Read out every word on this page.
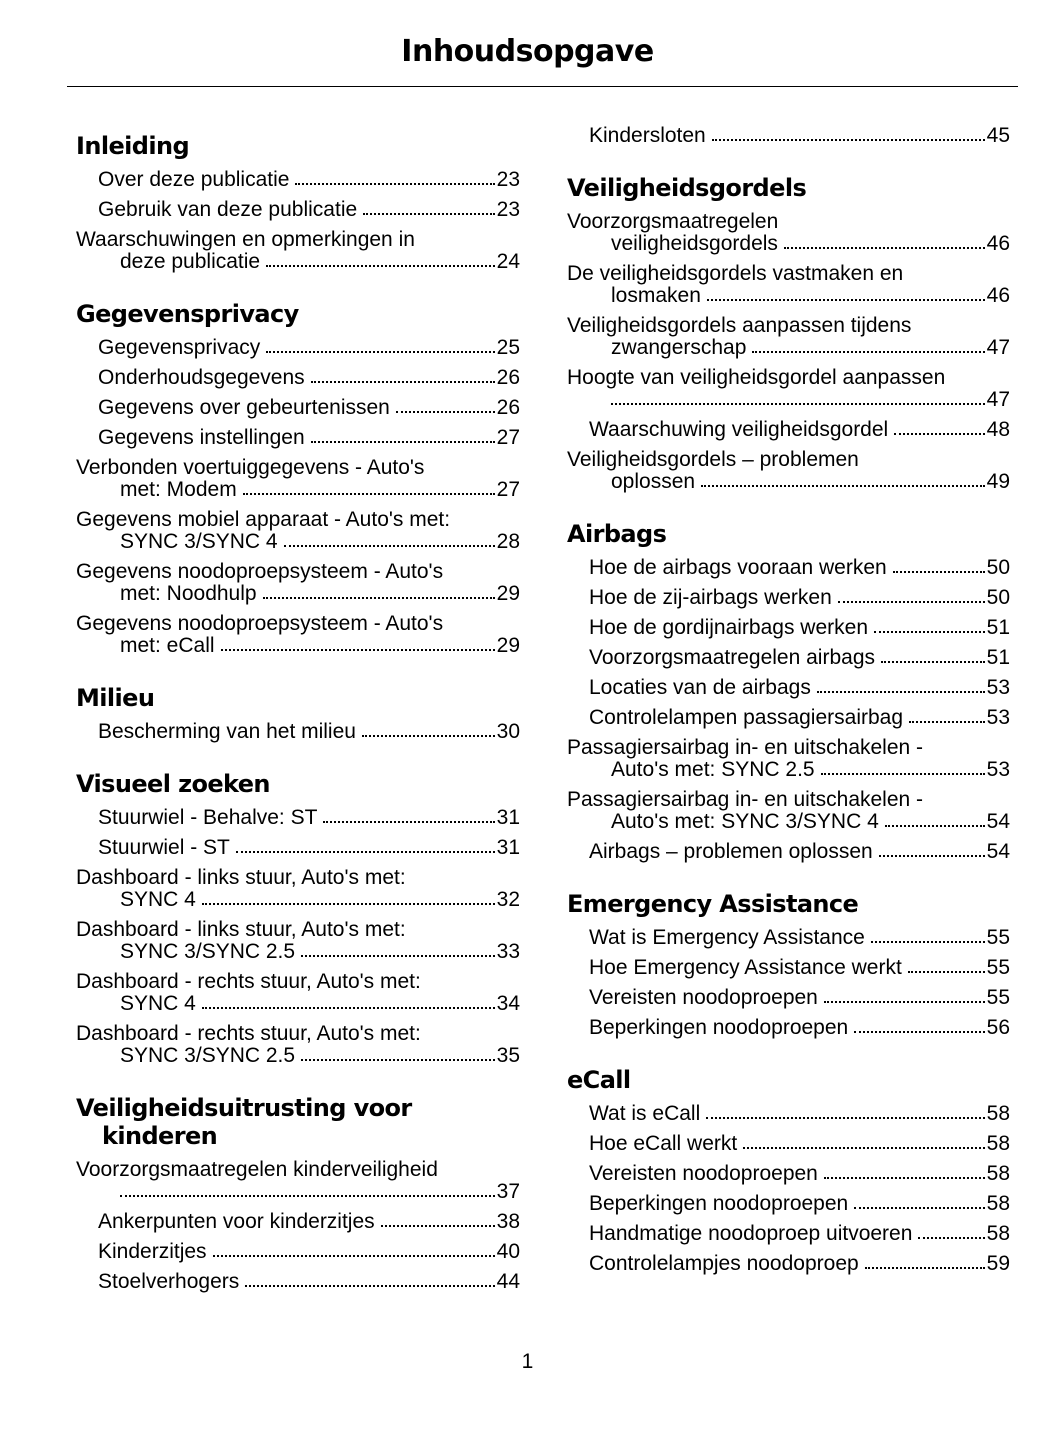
Inhoudsopgave
Inleiding
Over deze publicatie	23
Gebruik van deze publicatie	23
Waarschuwingen en opmerkingen in
deze publicatie	24
Gegevensprivacy
Gegevensprivacy	25
Onderhoudsgegevens	26
Gegevens over gebeurtenissen	26
Gegevens instellingen	27
Verbonden voertuiggegevens - Auto's
met: Modem	27
Gegevens mobiel apparaat - Auto's met:
SYNC 3/SYNC 4	28
Gegevens noodoproepsysteem - Auto's
met: Noodhulp	29
Gegevens noodoproepsysteem - Auto's
met: eCall	29
Milieu
Bescherming van het milieu	30
Visueel zoeken
Stuurwiel - Behalve: ST	31
Stuurwiel - ST	31
Dashboard - links stuur, Auto's met:
SYNC 4	32
Dashboard - links stuur, Auto's met:
SYNC 3/SYNC 2.5	33
Dashboard - rechts stuur, Auto's met:
SYNC 4	34
Dashboard - rechts stuur, Auto's met:
SYNC 3/SYNC 2.5	35
Veiligheidsuitrusting voor kinderen
Voorzorgsmaatregelen kinderveiligheid
37
Ankerpunten voor kinderzitjes	38
Kinderzitjes	40
Stoelverhogers	44
Kindersloten	45
Veiligheidsgordels
Voorzorgsmaatregelen
veiligheidsgordels	46
De veiligheidsgordels vastmaken en
losmaken	46
Veiligheidsgordels aanpassen tijdens
zwangerschap	47
Hoogte van veiligheidsgordel aanpassen
47
Waarschuwing veiligheidsgordel	48
Veiligheidsgordels – problemen
oplossen	49
Airbags
Hoe de airbags vooraan werken	50
Hoe de zij-airbags werken	50
Hoe de gordijnairbags werken	51
Voorzorgsmaatregelen airbags	51
Locaties van de airbags	53
Controlelampen passagiersairbag	53
Passagiersairbag in- en uitschakelen -
Auto's met: SYNC 2.5	53
Passagiersairbag in- en uitschakelen -
Auto's met: SYNC 3/SYNC 4	54
Airbags – problemen oplossen	54
Emergency Assistance
Wat is Emergency Assistance	55
Hoe Emergency Assistance werkt	55
Vereisten noodoproepen	55
Beperkingen noodoproepen	56
eCall
Wat is eCall	58
Hoe eCall werkt	58
Vereisten noodoproepen	58
Beperkingen noodoproepen	58
Handmatige noodoproep uitvoeren	58
Controlelampjes noodoproep	59
1
